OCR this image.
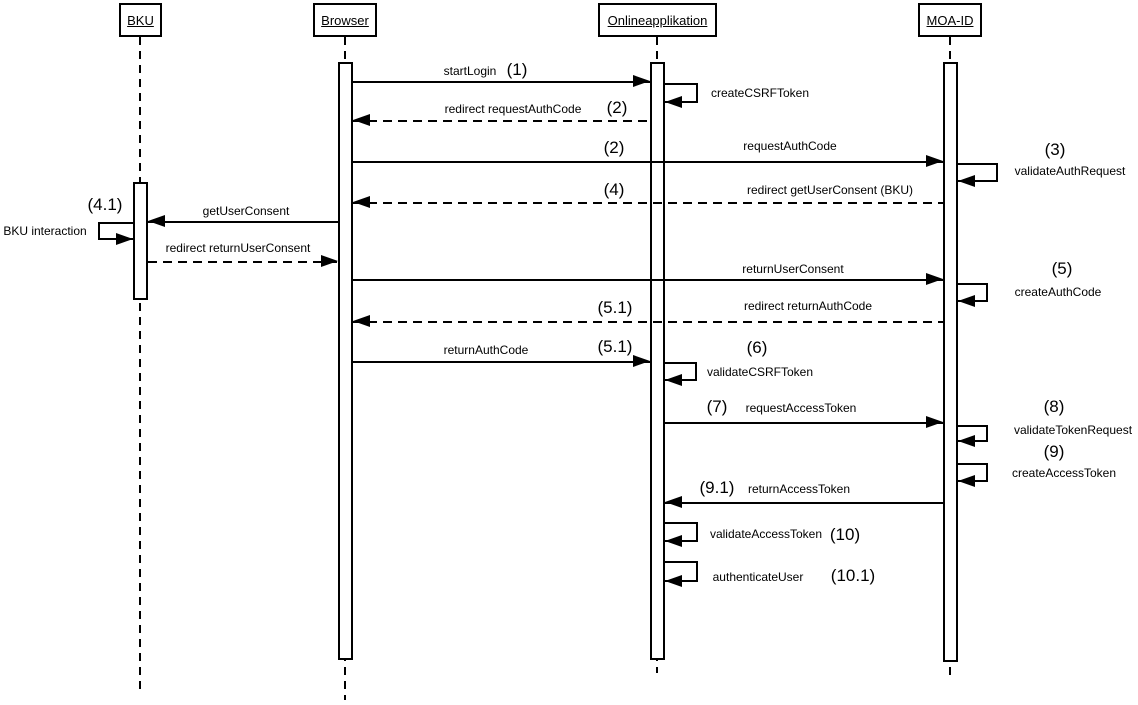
BKU	Browser	Onlineapplikation	MOA-ID
startLogin (1)
redirect requestAuthCode (2)
requestAuthCode
(2)
redirect getUserConsent (BKU)
(4)
getUserConsent
(4.1)
redirect returnUserConsent
returnUserConsent
redirect returnAuthCode
(5.1)
returnAuthCode	(5.1)
requestAccessToken
(7)
returnAccessToken
(9.1)
createCSRFToken
validateAuthRequest
(3)
BKU interaction
createAuthCode
(5)
validateCSRFToken
(6)
validateTokenRequest
(8)
createAccessToken
(9)
validateAccessToken (10)
authenticateUser (10.1)
